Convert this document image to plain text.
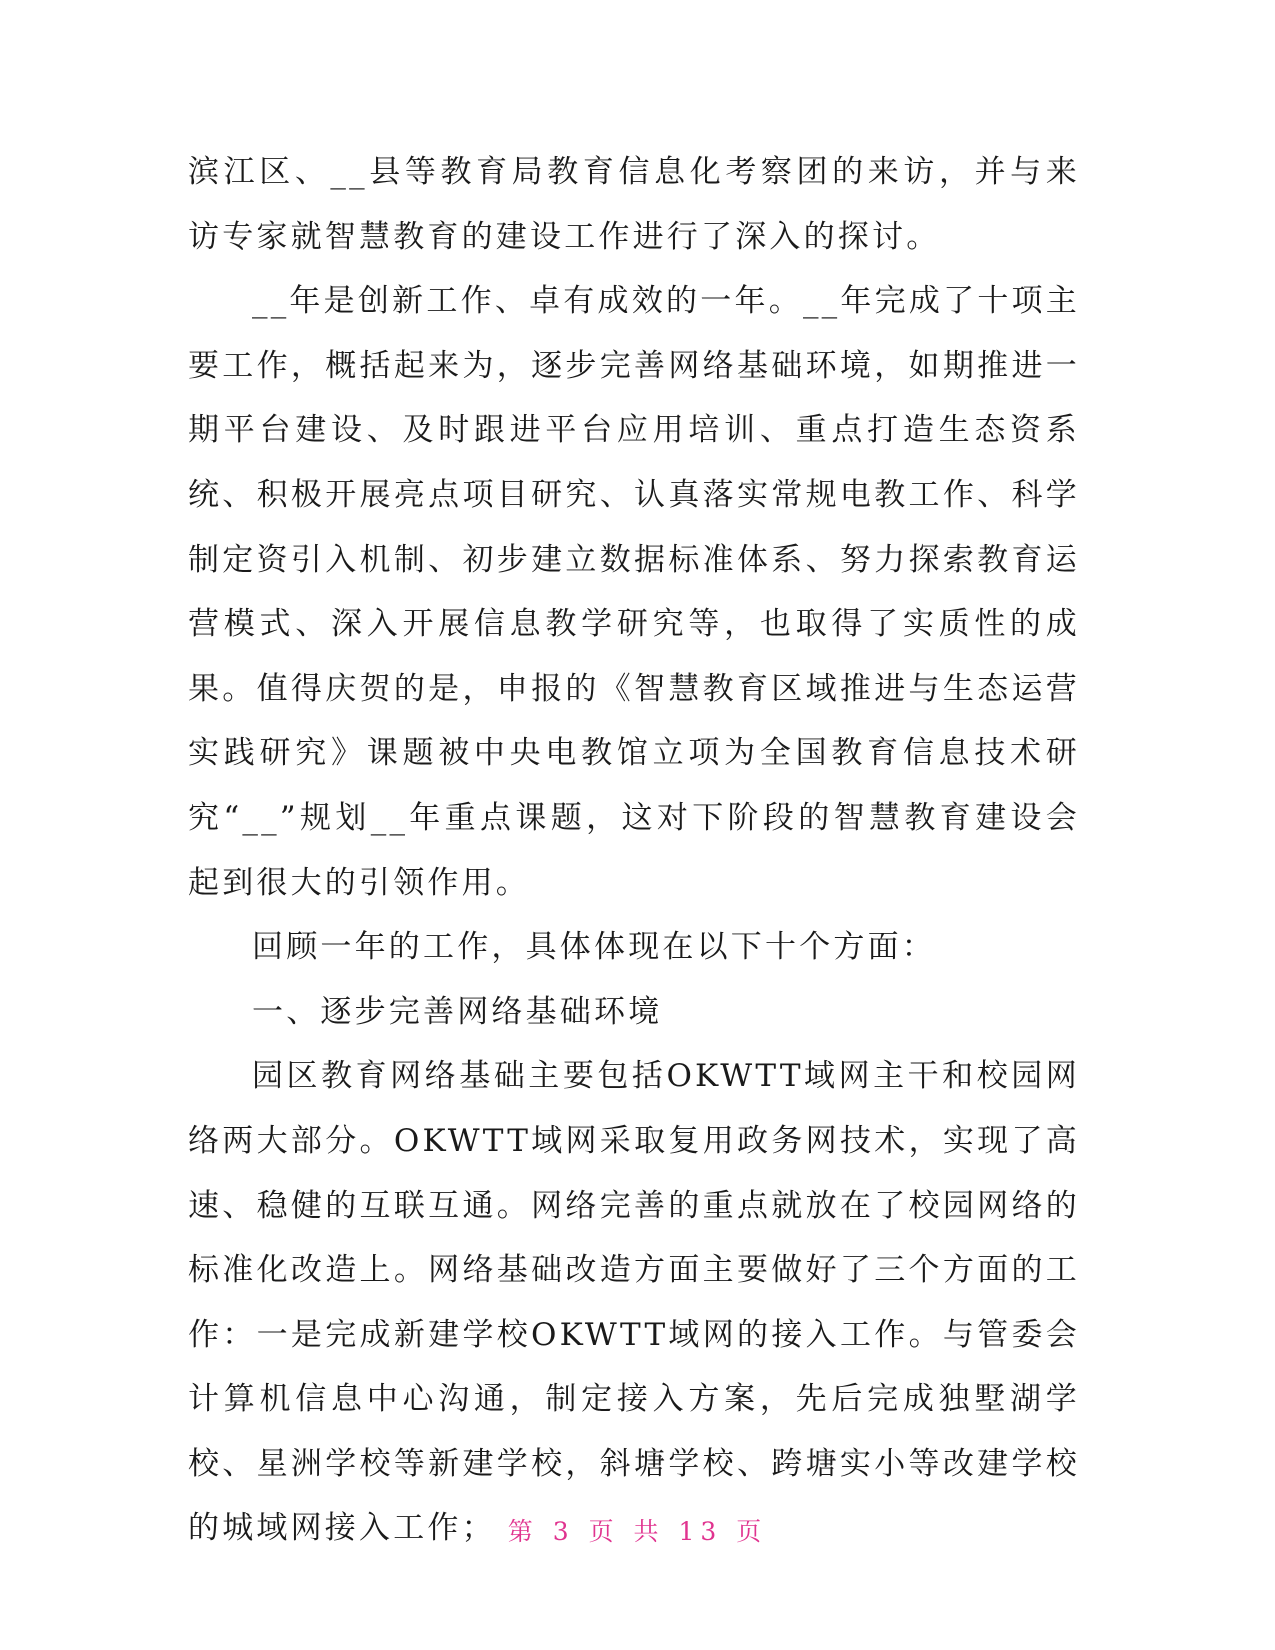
滨江区、__县等教育局教育信息化考察团的来访，并与来访专家就智慧教育的建设工作进行了深入的探讨。

__年是创新工作、卓有成效的一年。__年完成了十项主要工作，概括起来为，逐步完善网络基础环境，如期推进一期平台建设、及时跟进平台应用培训、重点打造生态资系统、积极开展亮点项目研究、认真落实常规电教工作、科学制定资引入机制、初步建立数据标准体系、努力探索教育运营模式、深入开展信息教学研究等，也取得了实质性的成果。值得庆贺的是，申报的《智慧教育区域推进与生态运营实践研究》课题被中央电教馆立项为全国教育信息技术研究“__”规划__年重点课题，这对下阶段的智慧教育建设会起到很大的引领作用。

回顾一年的工作，具体体现在以下十个方面：

一、逐步完善网络基础环境

园区教育网络基础主要包括OKWTT域网主干和校园网络两大部分。OKWTT域网采取复用政务网技术，实现了高速、稳健的互联互通。网络完善的重点就放在了校园网络的标准化改造上。网络基础改造方面主要做好了三个方面的工作：一是完成新建学校OKWTT域网的接入工作。与管委会计算机信息中心沟通，制定接入方案，先后完成独墅湖学校、星洲学校等新建学校，斜塘学校、跨塘实小等改建学校的城域网接入工作； 第 3 页 共 13 页
